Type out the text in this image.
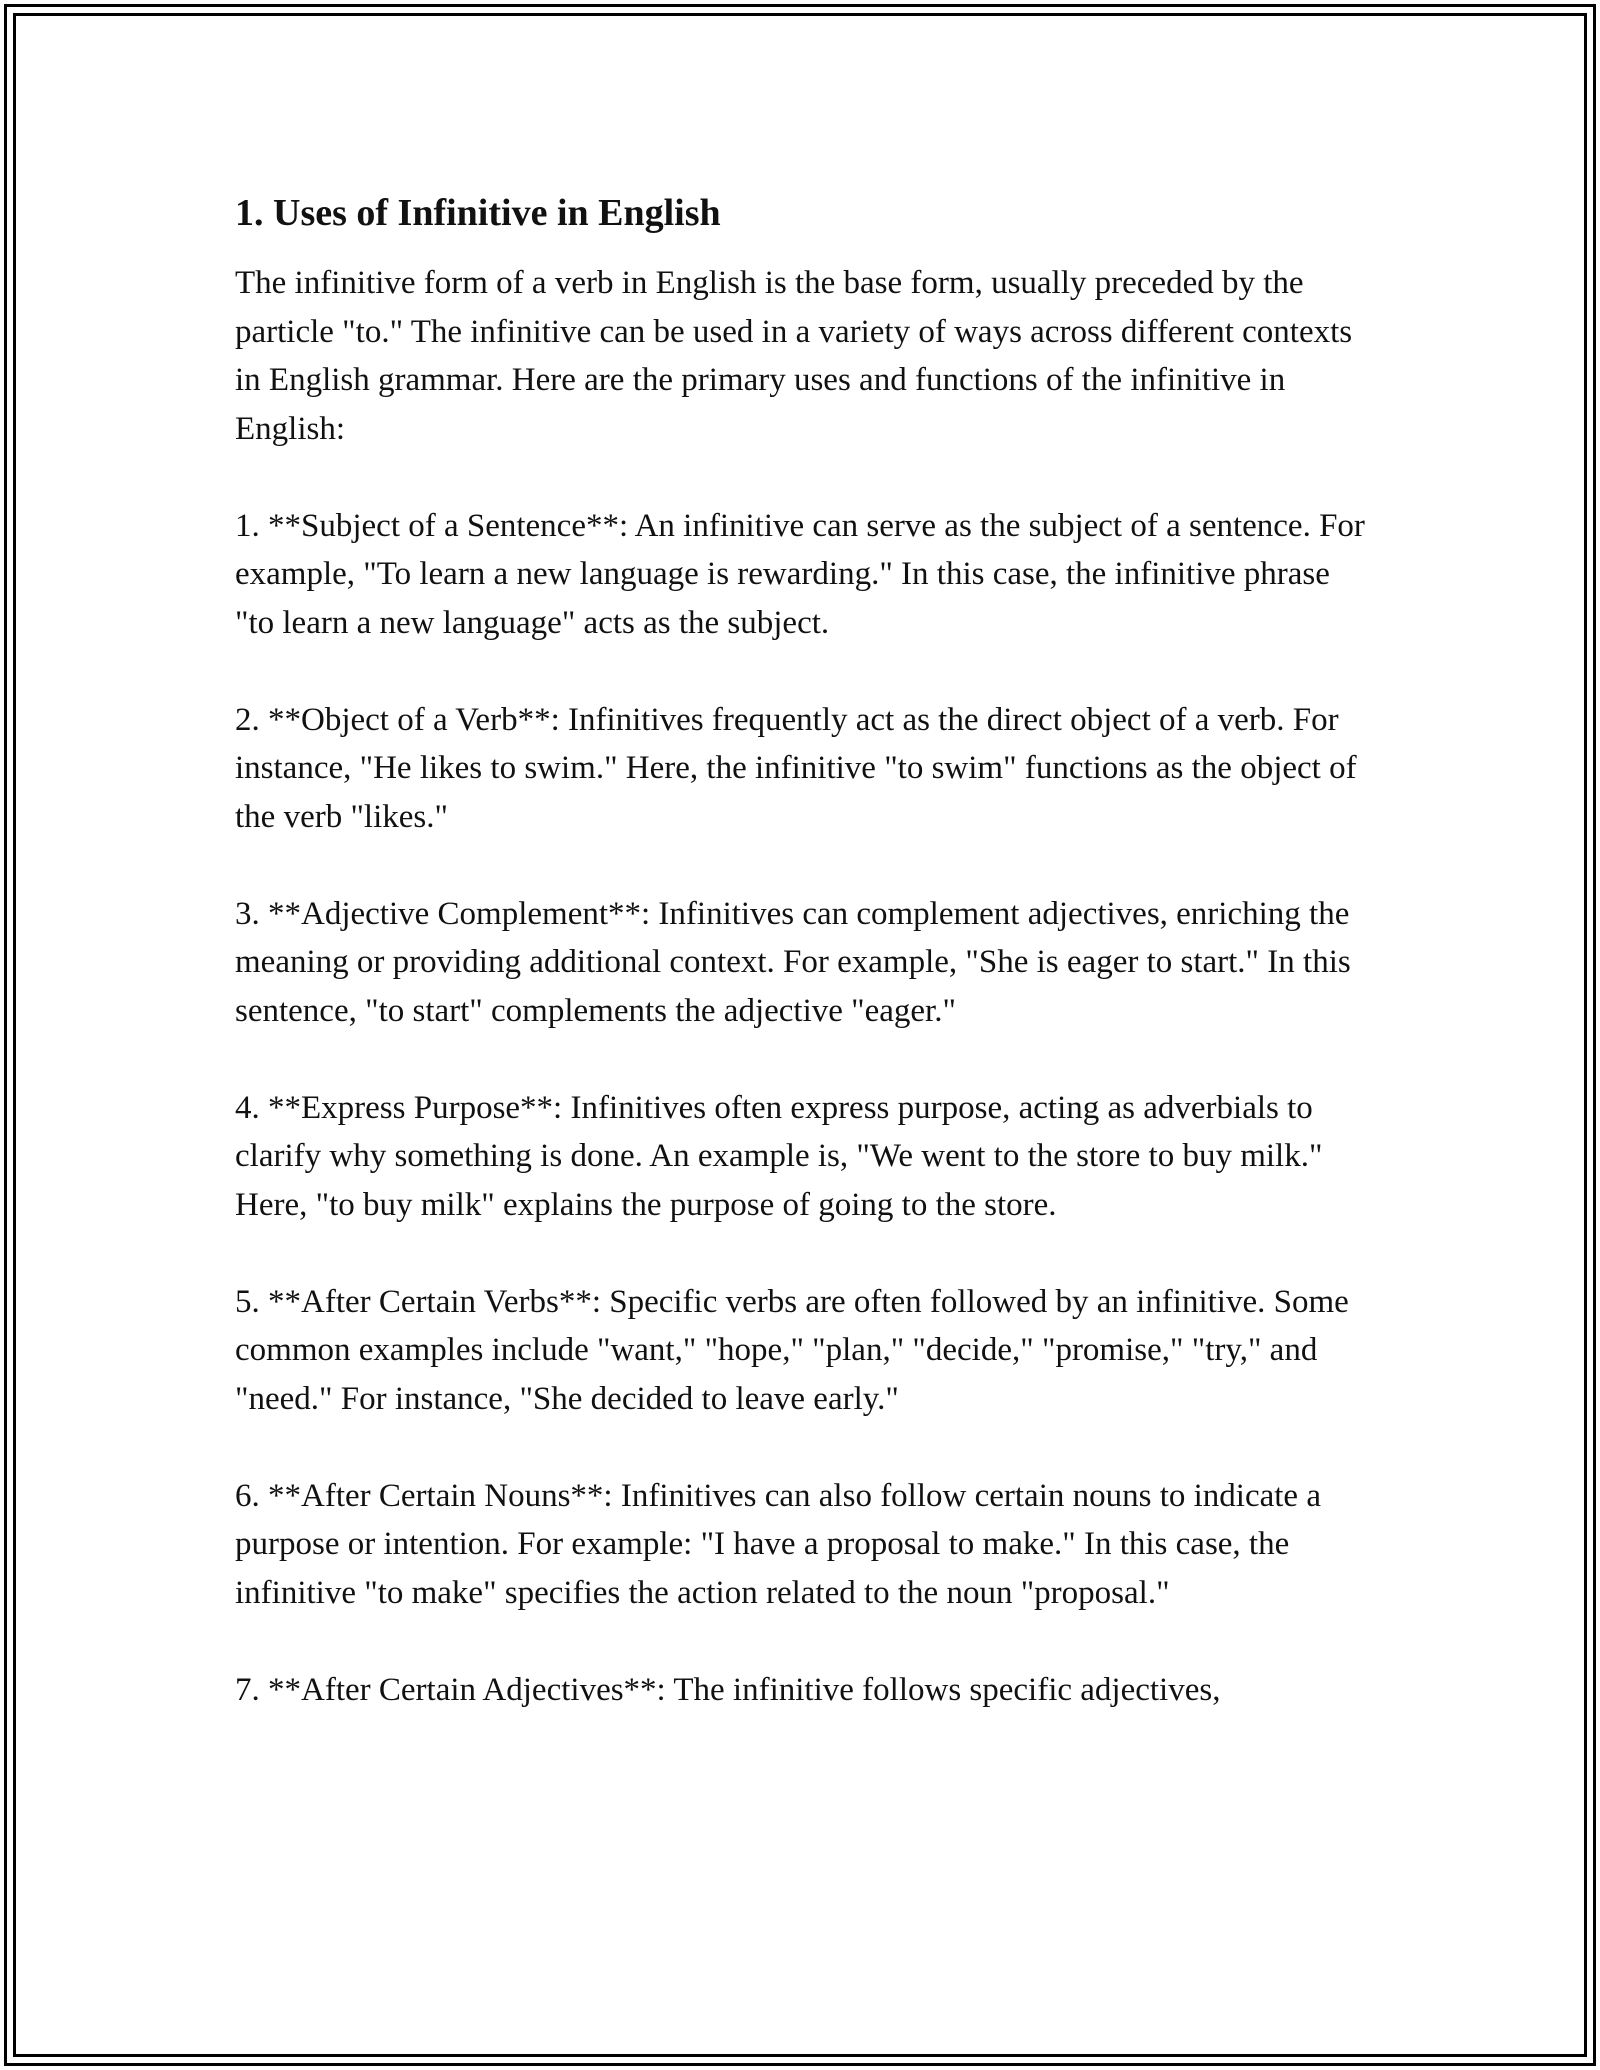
1. Uses of Infinitive in English

The infinitive form of a verb in English is the base form, usually preceded by the particle "to." The infinitive can be used in a variety of ways across different contexts in English grammar. Here are the primary uses and functions of the infinitive in English:

1. **Subject of a Sentence**: An infinitive can serve as the subject of a sentence. For example, "To learn a new language is rewarding." In this case, the infinitive phrase "to learn a new language" acts as the subject.

2. **Object of a Verb**: Infinitives frequently act as the direct object of a verb. For instance, "He likes to swim." Here, the infinitive "to swim" functions as the object of the verb "likes."

3. **Adjective Complement**: Infinitives can complement adjectives, enriching the meaning or providing additional context. For example, "She is eager to start." In this sentence, "to start" complements the adjective "eager."

4. **Express Purpose**: Infinitives often express purpose, acting as adverbials to clarify why something is done. An example is, "We went to the store to buy milk." Here, "to buy milk" explains the purpose of going to the store.

5. **After Certain Verbs**: Specific verbs are often followed by an infinitive. Some common examples include "want," "hope," "plan," "decide," "promise," "try," and "need." For instance, "She decided to leave early."

6. **After Certain Nouns**: Infinitives can also follow certain nouns to indicate a purpose or intention. For example: "I have a proposal to make." In this case, the infinitive "to make" specifies the action related to the noun "proposal."

7. **After Certain Adjectives**: The infinitive follows specific adjectives,
